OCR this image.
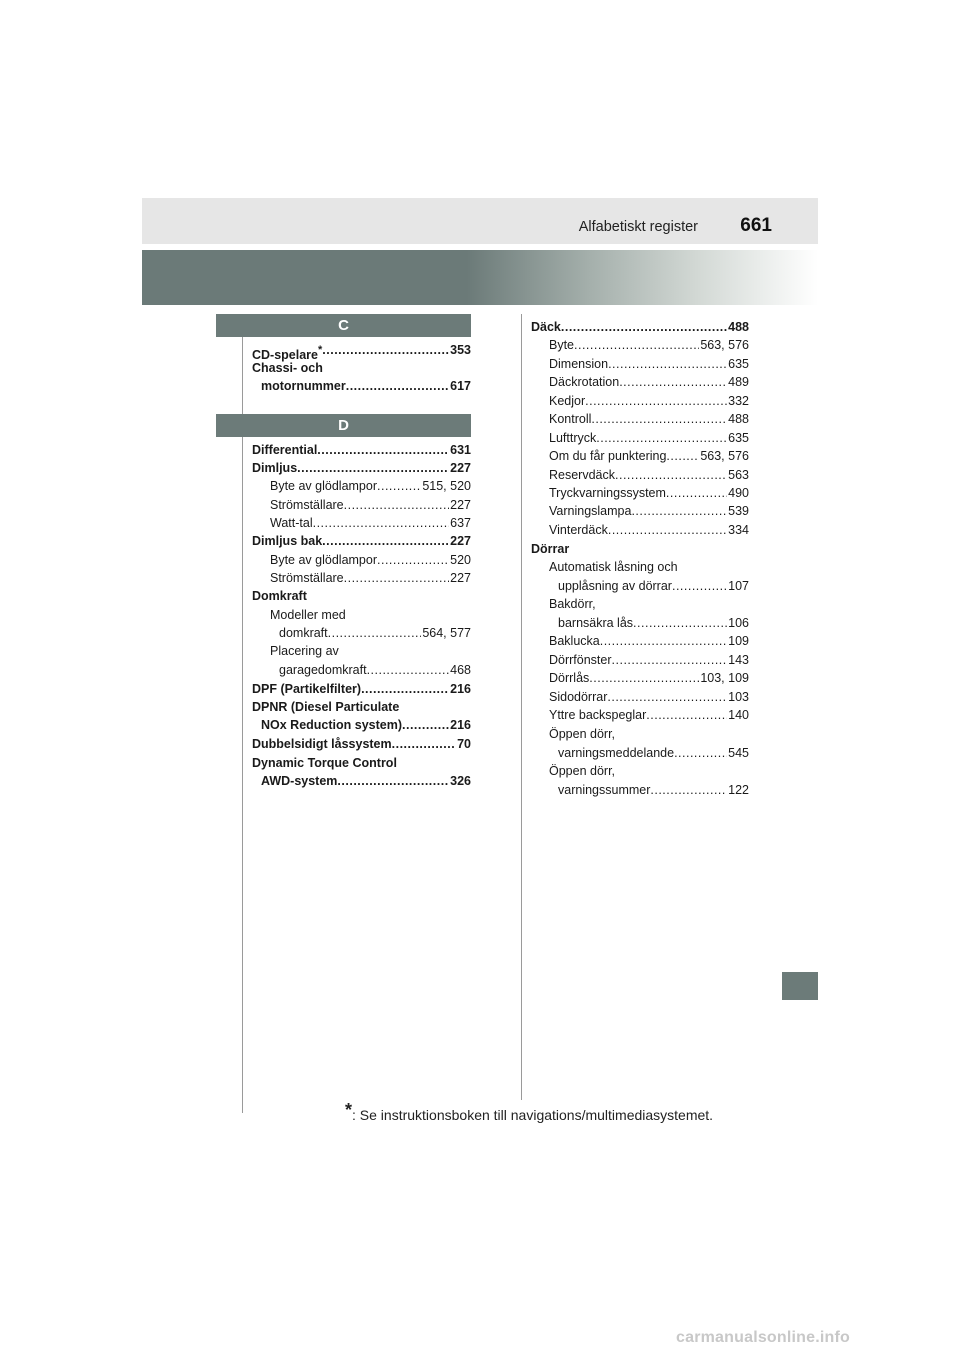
Alfabetiskt register 661
C
D
CD-spelare* .....	353
Chassi- och
motornummer .....	617
Differential .....	631
Dimljus .....	227
Byte av glödlampor .....	515, 520
Strömställare .....	227
Watt-tal .....	637
Dimljus bak .....	227
Byte av glödlampor .....	520
Strömställare .....	227
Domkraft
Modeller med
domkraft .....	564, 577
Placering av
garagedomkraft .....	468
DPF (Partikelfilter) .....	216
DPNR (Diesel Particulate
NOx Reduction system) .....	216
Dubbelsidigt låssystem .....	70
Dynamic Torque Control
AWD-system .....	326
Däck .....	488
Byte .....	563, 576
Dimension .....	635
Däckrotation .....	489
Kedjor .....	332
Kontroll .....	488
Lufttryck .....	635
Om du får punktering .....	563, 576
Reservdäck .....	563
Tryckvarningssystem .....	490
Varningslampa .....	539
Vinterdäck .....	334
Dörrar
Automatisk låsning och
upplåsning av dörrar .....	107
Bakdörr,
barnsäkra lås .....	106
Baklucka .....	109
Dörrfönster .....	143
Dörrlås .....	103, 109
Sidodörrar .....	103
Yttre backspeglar .....	140
Öppen dörr,
varningsmeddelande .....	545
Öppen dörr,
varningssummer .....	122
*: Se instruktionsboken till navigations/multimediasystemet.
carmanualsonline.info
